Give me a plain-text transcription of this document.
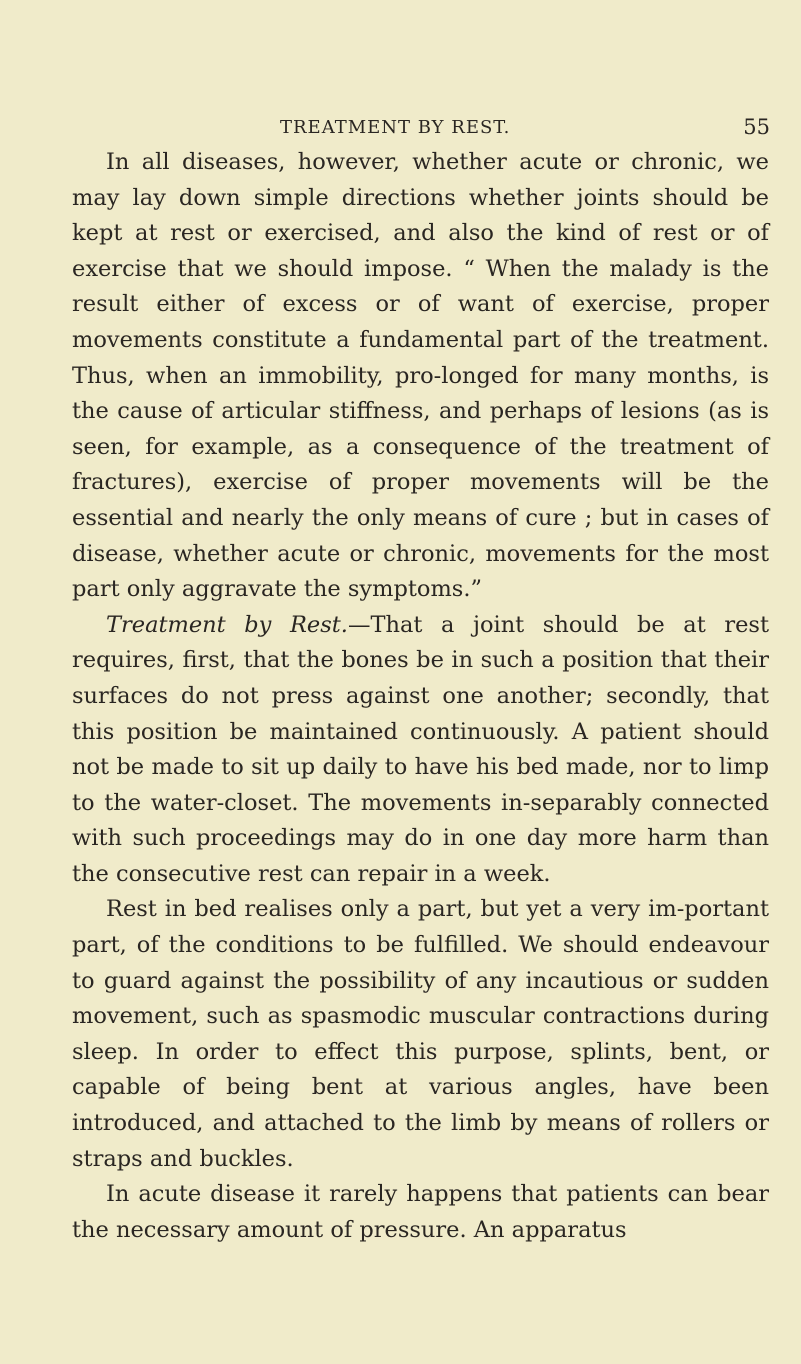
TREATMENT BY REST.	55

In all diseases, however, whether acute or chronic, we may lay down simple directions whether joints should be kept at rest or exercised, and also the kind of rest or of exercise that we should impose. “ When the malady is the result either of excess or of want of exercise, proper movements constitute a fundamental part of the treatment. Thus, when an immobility, pro-longed for many months, is the cause of articular stiffness, and perhaps of lesions (as is seen, for example, as a consequence of the treatment of fractures), exercise of proper movements will be the essential and nearly the only means of cure ; but in cases of disease, whether acute or chronic, movements for the most part only aggravate the symptoms.”

Treatment by Rest.—That a joint should be at rest requires, first, that the bones be in such a position that their surfaces do not press against one another; secondly, that this position be maintained continuously. A patient should not be made to sit up daily to have his bed made, nor to limp to the water-closet. The movements in-separably connected with such proceedings may do in one day more harm than the consecutive rest can repair in a week.

Rest in bed realises only a part, but yet a very im-portant part, of the conditions to be fulfilled. We should endeavour to guard against the possibility of any incautious or sudden movement, such as spasmodic muscular contractions during sleep. In order to effect this purpose, splints, bent, or capable of being bent at various angles, have been introduced, and attached to the limb by means of rollers or straps and buckles.

In acute disease it rarely happens that patients can bear the necessary amount of pressure. An apparatus
